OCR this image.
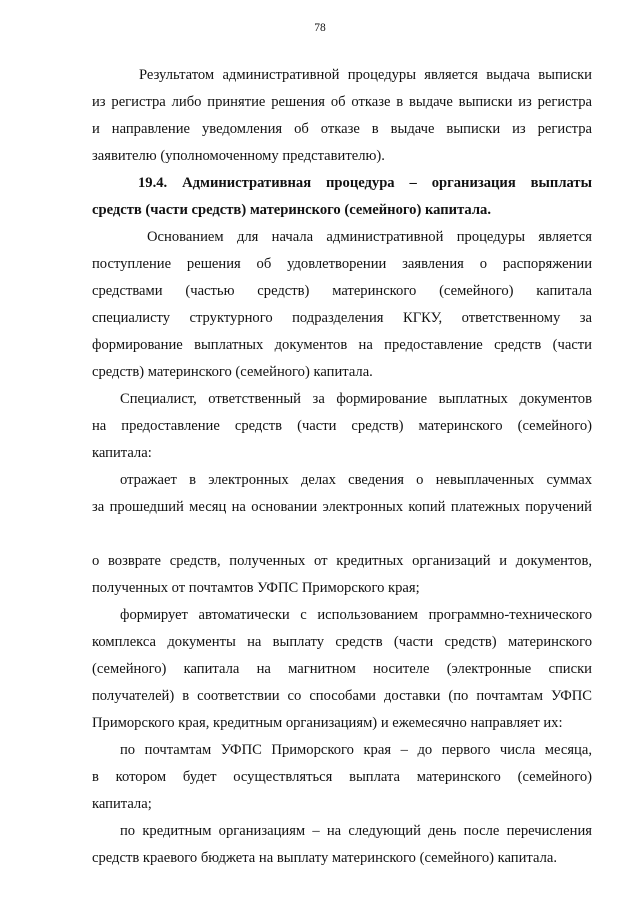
78
Результатом административной процедуры является выдача выписки
из регистра либо принятие решения об отказе в выдаче выписки из регистра
и направление уведомления об отказе в выдаче выписки из регистра
заявителю (уполномоченному представителю).
19.4. Административная процедура – организация выплаты
средств (части средств) материнского (семейного) капитала.
Основанием для начала административной процедуры является
поступление решения об удовлетворении заявления о распоряжении
средствами (частью средств) материнского (семейного) капитала
специалисту структурного подразделения КГКУ, ответственному за
формирование выплатных документов на предоставление средств (части
средств) материнского (семейного) капитала.
Специалист, ответственный за формирование выплатных документов
на предоставление средств (части средств) материнского (семейного)
капитала:
отражает в электронных делах сведения о невыплаченных суммах
за прошедший месяц на основании электронных копий платежных поручений
о возврате средств, полученных от кредитных организаций и документов,
полученных от почтамтов УФПС Приморского края;
формирует автоматически с использованием программно-технического
комплекса документы на выплату средств (части средств) материнского
(семейного) капитала на магнитном носителе (электронные списки
получателей) в соответствии со способами доставки (по почтамтам УФПС
Приморского края, кредитным организациям) и ежемесячно направляет их:
по почтамтам УФПС Приморского края – до первого числа месяца,
в котором будет осуществляться выплата материнского (семейного)
капитала;
по кредитным организациям – на следующий день после перечисления
средств краевого бюджета на выплату материнского (семейного) капитала.
